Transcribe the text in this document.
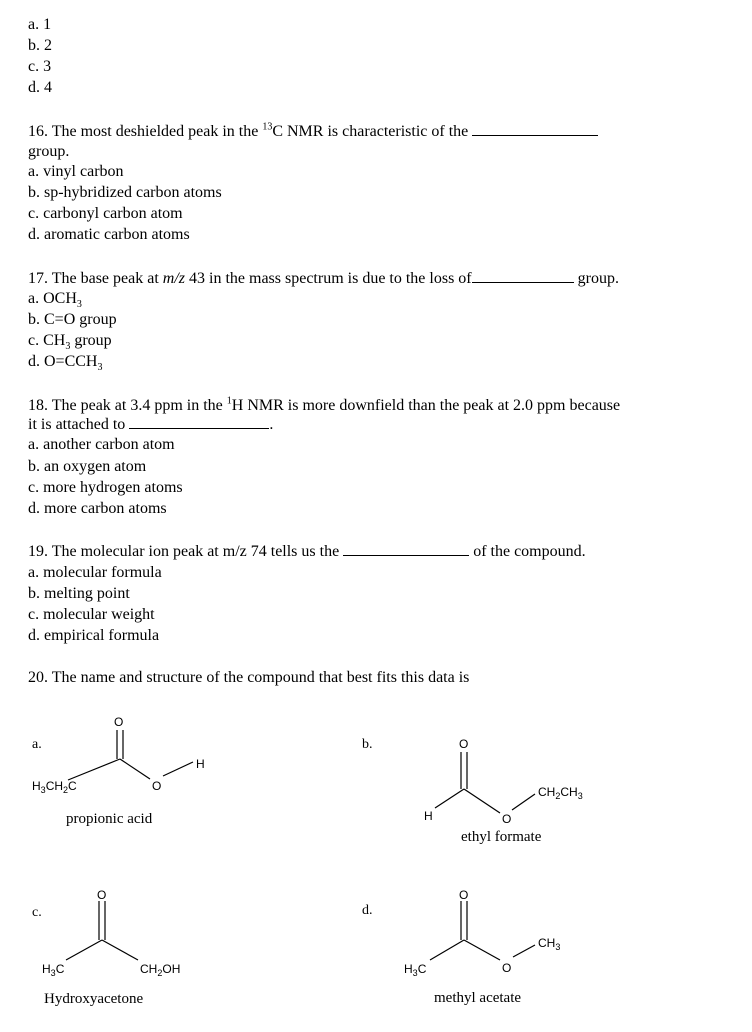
a. 1
b. 2
c. 3
d. 4
16. The most deshielded peak in the $^{13}$C NMR is characteristic of the
group.
a. vinyl carbon
b. sp-hybridized carbon atoms
c. carbonyl carbon atom
d. aromatic carbon atoms
17. The base peak at m/z 43 in the mass spectrum is due to the loss of	group.
a. $OCH_3$
b. C=O group
c. $CH_3$ group
d. $O=CCH_3$
18. The peak at 3.4 ppm in the $^1$H NMR is more downfield than the peak at 2.0 ppm because
it is attached to	.
a. another carbon atom
b. an oxygen atom
c. more hydrogen atoms
d. more carbon atoms
19. The molecular ion peak at m/z 74 tells us the	of the compound.
a. molecular formula
b. melting point
c. molecular weight
d. empirical formula
20. The name and structure of the compound that best fits this data is
a.
O
O
H
$H_3CH_2C$
propionic acid
b.	O
O
H
$CH_2CH_3$
ethyl formate
c.
O
$H_3C$	$CH_2OH$
Hydroxyacetone
d.
O
O
$H_3C$
$CH_3$
methyl acetate
